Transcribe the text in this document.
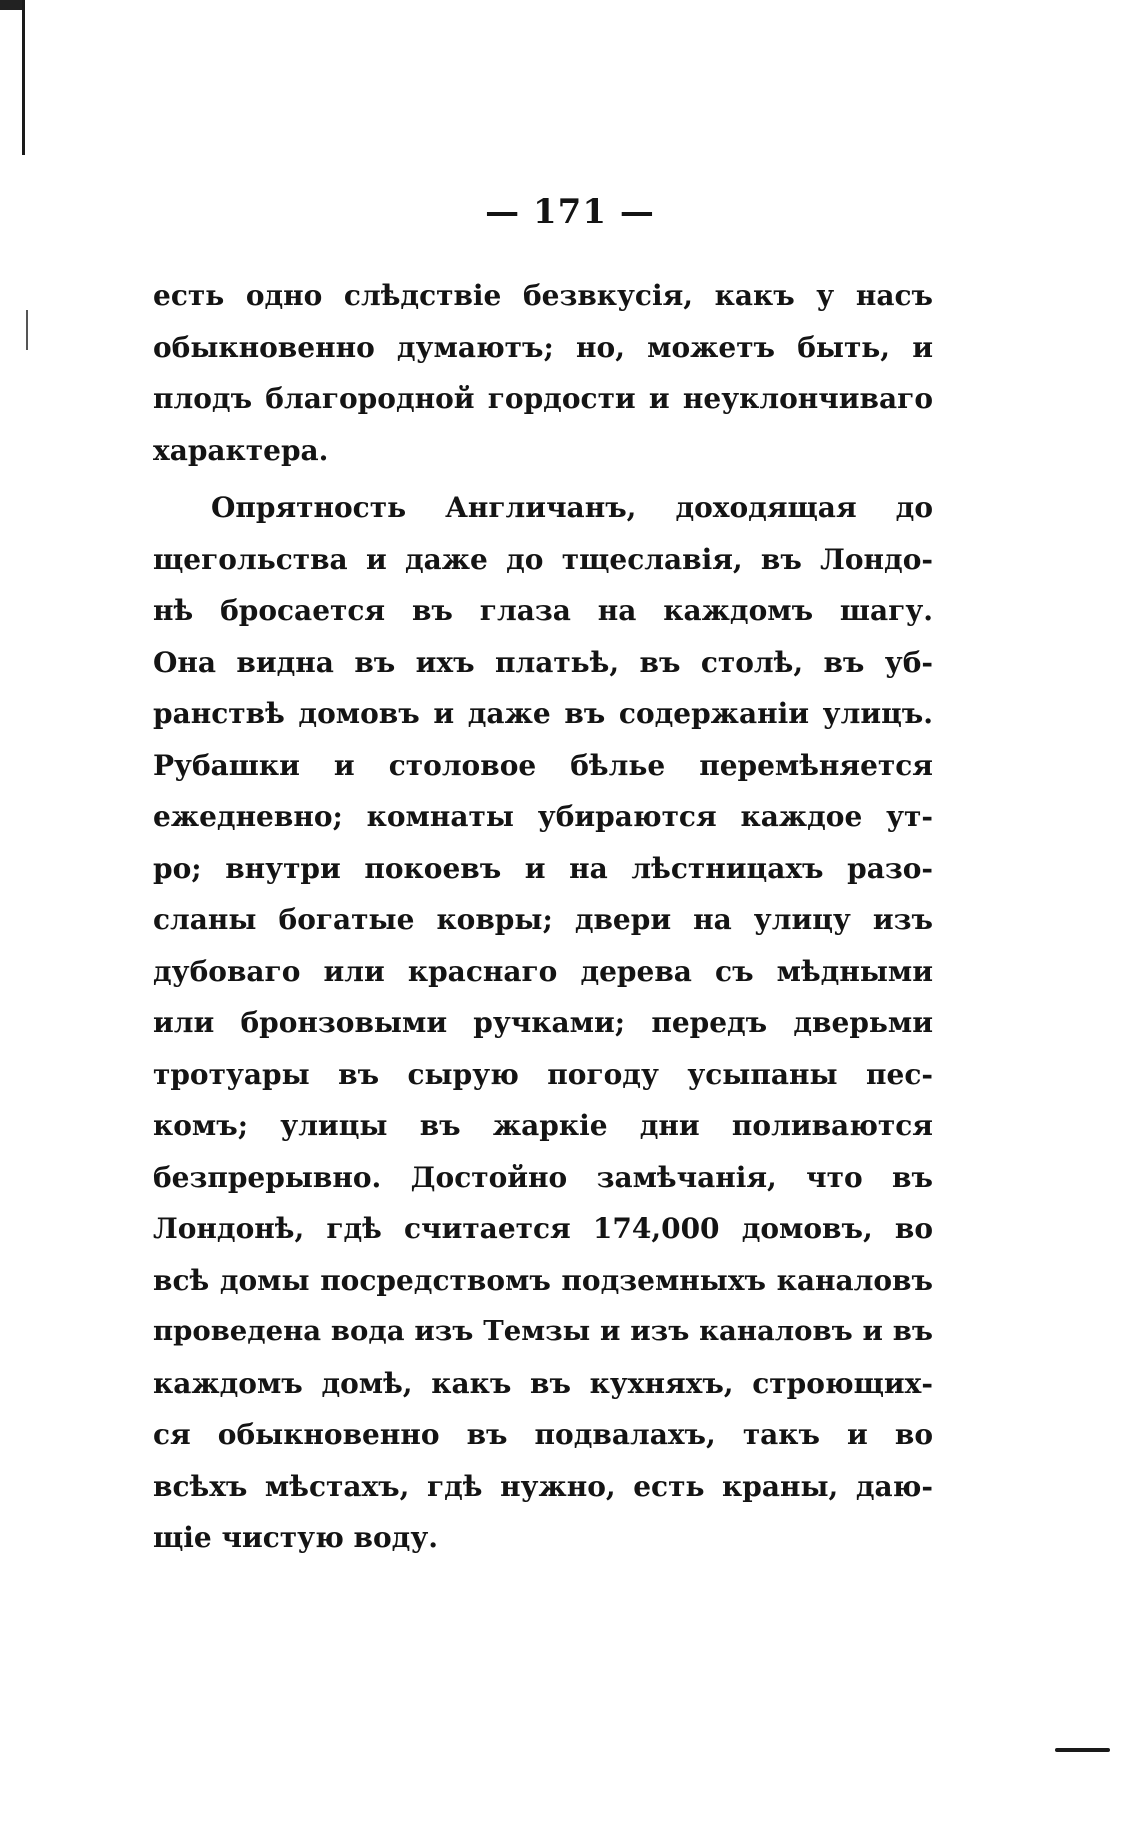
— 171 —
есть одно слѣдствіе безвкусія, какъ у насъ
обыкновенно думаютъ; но, можетъ быть, и
плодъ благородной гордости и неуклончиваго
характера.
Опрятность Англичанъ, доходящая до
щегольства и даже до тщеславія, въ Лондо-
нѣ бросается въ глаза на каждомъ шагу.
Она видна въ ихъ платьѣ, въ столѣ, въ уб-
ранствѣ домовъ и даже въ содержаніи улицъ.
Рубашки и столовое бѣлье перемѣняется
ежедневно; комнаты убираются каждое ут-
ро; внутри покоевъ и на лѣстницахъ разо-
сланы богатые ковры; двери на улицу изъ
дубоваго или краснаго дерева съ мѣдными
или бронзовыми ручками; передъ дверьми
тротуары въ сырую погоду усыпаны пес-
комъ; улицы въ жаркіе дни поливаются
безпрерывно. Достойно замѣчанія, что въ
Лондонѣ, гдѣ считается 174,000 домовъ, во
всѣ домы посредствомъ подземныхъ каналовъ
проведена вода изъ Темзы и изъ каналовъ и въ
каждомъ домѣ, какъ въ кухняхъ, строющих-
ся обыкновенно въ подвалахъ, такъ и во
всѣхъ мѣстахъ, гдѣ нужно, есть краны, даю-
щіе чистую воду.
